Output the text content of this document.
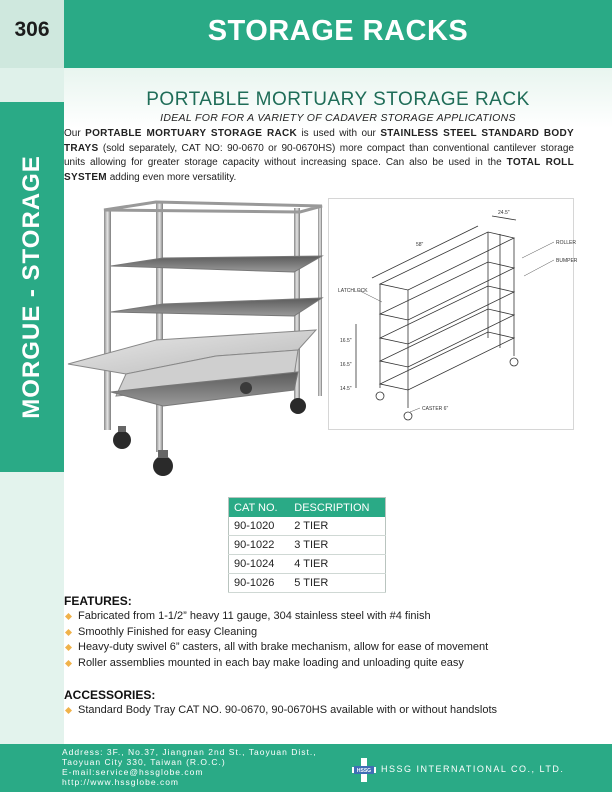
306	STORAGE RACKS
MORGUE - STORAGE
PORTABLE MORTUARY STORAGE RACK
IDEAL FOR FOR A VARIETY OF CADAVER STORAGE APPLICATIONS
Our PORTABLE MORTUARY STORAGE RACK is used with our STAINLESS STEEL STANDARD BODY TRAYS (sold separately, CAT NO: 90-0670 or 90-0670HS) more compact than conventional cantilever storage units allowing for greater storage capacity without increasing space. Can also be used in the TOTAL ROLL SYSTEM adding even more versatility.
24.5"
58"	ROLLER
BUMPER
LATCHLOCK
16.5"
16.5"
14.5"
CASTER 6"
CAT NO.	DESCRIPTION
90-1020	2 TIER
90-1022	3 TIER
90-1024	4 TIER
90-1026	5 TIER
FEATURES:
Fabricated from 1-1/2” heavy 11 gauge, 304 stainless steel with #4 finish
Smoothly Finished for easy Cleaning
Heavy-duty swivel 6” casters, all with brake mechanism, allow for ease of movement
Roller assemblies mounted in each bay make loading and unloading quite easy
ACCESSORIES:
Standard Body Tray CAT NO. 90-0670, 90-0670HS available with or without handslots
Address: 3F., No.37, Jiangnan 2nd St., Taoyuan Dist.,
Taoyuan City 330, Taiwan (R.O.C.)
E-mail:service@hssglobe.com
http://www.hssglobe.com
HSSG HSSG INTERNATIONAL CO., LTD.
